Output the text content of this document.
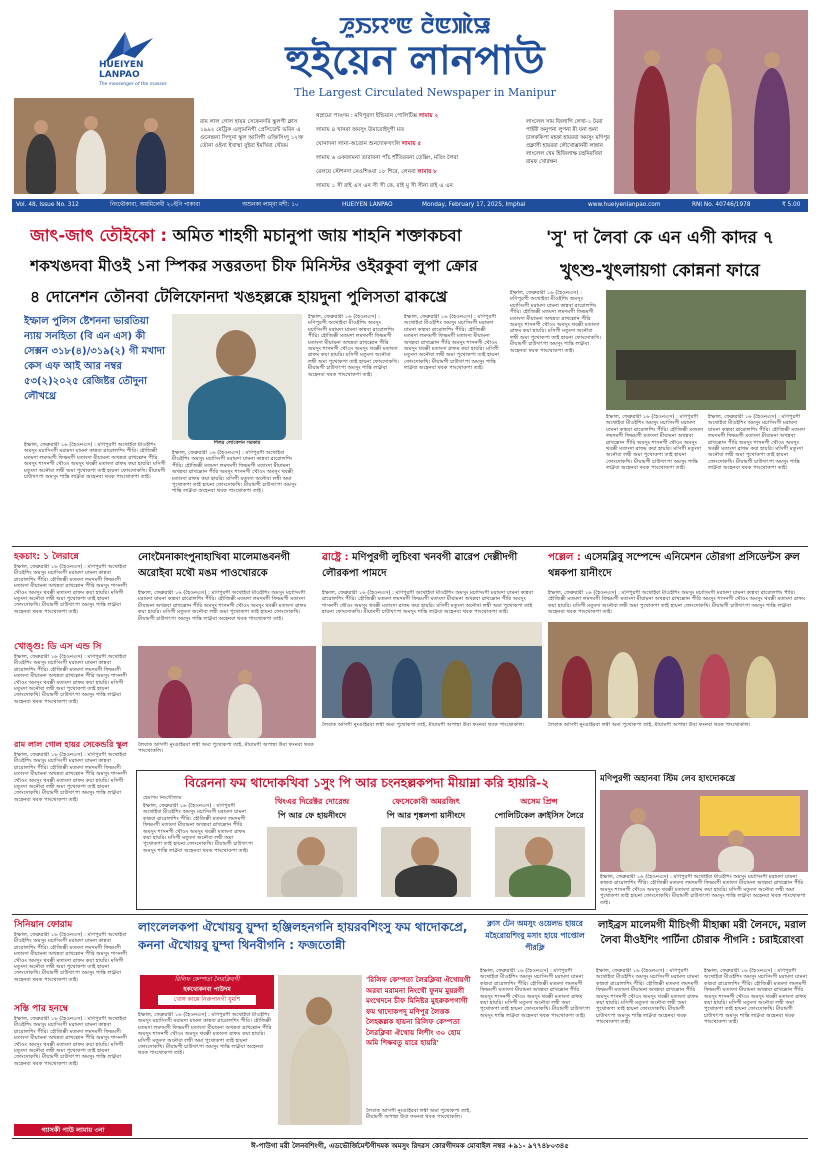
HUEIYEN LANPAO
The messenger of the masses
ꯍꯨꯏꯌꯦꯟ ꯂꯥꯟꯄꯥꯎ
হুইয়েন লানপাউ
The Largest Circulated Newspaper in Manipur
রাম লাল গোল হায়র সেকেনদরি স্কুলগী ক্লাস ১৯৯২ মেট্রিক এল্যুমনিগী প্রেসিডেন্ট ভরিন এ গুনেন্দ্রনা সিন্দুনা স্কুল আসিগী ওক্তিসিংদু ১২ক্ত তৌনা ওইনা ইখাষ্মা বুইরা ইমখিবা খৌরম
থস্নামো পাঙদম : মণিপুরদা ইন্ডিয়ান পোলিটিক্স লামায় ২
লামায় ৪ খানবা অমসুং উমারোইদুগী মত
ঘোনাদনা লানা-অতোন শুনদোকখৎলি লামায় ৫
লামায় ৬ একজামনা তারাবনা পাঁচ শাঁতিরবনা তেক্সিং, মতিং লৈবা
রেলয়ে স্টেশনদা নেওশিঙবা ১৮ শিরে, লেনবা লামায় ৮
লামায় ১ সী রাই এস এন সী সী কে, রাই মু সী সীনা রাই এ এন
লাংলেল সাম জিলাগি লেখা-১ মৈরা পাইবী অনুপনা লুপনা মী যনা শুনা চালককিপা মহকা হায়রবা অমসুং মণিপুর প্রক্লাসী হায়রবা লৌখোক্সানবী লান্নান লাংলেল খেম হিজিলাক্ষ চহুনিরখিবা রামফ খোরক্ষন
Vol. 48, Issue No. 312	নিংথৌকাবা, অয়মিলেবী ২০ইনি পাকাবা	অশুনকা লাম্‌বা মশী: ১০	HUEIYEN LANPAO	Monday, February 17, 2025, Imphal	www.hueiyenlanpao.com	RNI No. 40746/1978	₹ 5.00
জাৎ-জাৎ তৌইকো : অমিত শাহগী মচানুপা জায় শাহনি শক্তাকচবা
শকখঙদবা মীওই ১না স্পিকর সত্তরতদা চীফ মিনিস্টর ওইরকুবা লুপা ক্রোর
৪ দোনেশন তৌনবা টেলিফোনদা খঙহল্লক্কে হায়দুনা পুলিসতা ৱাকখ্রে
ইম্ফাল পুলিস ষ্টেশননা ভারতিয়া ন্যায় সনহিতা (বি এন এস) কী সেক্সন ৩১৮(৪)/৩১৯(২) গী মখাদা কেস এফ আই আর নম্বর ৫৩(২)২০২৫ রেজিষ্টর তৌদুনা লৌখথ্রে
ইম্ফাল, ফেব্রুৱারী ১৬ (হৈওনএস) : মণিপুরগী অথোইবা মীওইশিং অমসুং মচাসিংগী মরামদা য়ামনা কান্নবা ৱারোলশিং পীরি। হৌজিক্কী মতমদা লমদমগী ফিভমগী মতাংদা মীয়ামনা অখন্নবা ৱাখল্লোন পীরি অমসুং শাসনগী থৌওং অমসুং থবক্কী মতাংদা ৱাফম কয়া হায়রি। মসিগী মতুংদা অনৌবা লম্বী অমা পুথোকপা তাই হায়না ফোংদোকখি। মীয়ামগী চাউখৎপা অমসুং শান্তি লাক্নবা অহেনবা থবক পাংথোকপা তাই।
শিলর লোকেশন সরকার
ইম্ফাল, ফেব্রুৱারী ১৬ (হৈওনএস) : মণিপুরগী অথোইবা মীওইশিং অমসুং মচাসিংগী মরামদা য়ামনা কান্নবা ৱারোলশিং পীরি। হৌজিক্কী মতমদা লমদমগী ফিভমগী মতাংদা মীয়ামনা অখন্নবা ৱাখল্লোন পীরি অমসুং শাসনগী থৌওং অমসুং থবক্কী মতাংদা ৱাফম কয়া হায়রি। মসিগী মতুংদা অনৌবা লম্বী অমা পুথোকপা তাই হায়না ফোংদোকখি। মীয়ামগী চাউখৎপা অমসুং শান্তি লাক্নবা অহেনবা থবক পাংথোকপা তাই।
ইম্ফাল, ফেব্রুৱারী ১৬ (হৈওনএস) : মণিপুরগী অথোইবা মীওইশিং অমসুং মচাসিংগী মরামদা য়ামনা কান্নবা ৱারোলশিং পীরি। হৌজিক্কী মতমদা লমদমগী ফিভমগী মতাংদা মীয়ামনা অখন্নবা ৱাখল্লোন পীরি অমসুং শাসনগী থৌওং অমসুং থবক্কী মতাংদা ৱাফম কয়া হায়রি। মসিগী মতুংদা অনৌবা লম্বী অমা পুথোকপা তাই হায়না ফোংদোকখি। মীয়ামগী চাউখৎপা অমসুং শান্তি লাক্নবা অহেনবা থবক পাংথোকপা তাই।
ইম্ফাল, ফেব্রুৱারী ১৬ (হৈওনএস) : মণিপুরগী অথোইবা মীওইশিং অমসুং মচাসিংগী মরামদা য়ামনা কান্নবা ৱারোলশিং পীরি। হৌজিক্কী মতমদা লমদমগী ফিভমগী মতাংদা মীয়ামনা অখন্নবা ৱাখল্লোন পীরি অমসুং শাসনগী থৌওং অমসুং থবক্কী মতাংদা ৱাফম কয়া হায়রি। মসিগী মতুংদা অনৌবা লম্বী অমা পুথোকপা তাই হায়না ফোংদোকখি। মীয়ামগী চাউখৎপা অমসুং শান্তি লাক্নবা অহেনবা থবক পাংথোকপা তাই।
'সু' দা লৈবা কে এন এগী কাদর ৭
খুৎশু-খুৎলায়গা কোন্ননা ফারে
ইম্ফাল, ফেব্রুৱারী ১৬ (হৈওনএস) : মণিপুরগী অথোইবা মীওইশিং অমসুং মচাসিংগী মরামদা য়ামনা কান্নবা ৱারোলশিং পীরি। হৌজিক্কী মতমদা লমদমগী ফিভমগী মতাংদা মীয়ামনা অখন্নবা ৱাখল্লোন পীরি অমসুং শাসনগী থৌওং অমসুং থবক্কী মতাংদা ৱাফম কয়া হায়রি। মসিগী মতুংদা অনৌবা লম্বী অমা পুথোকপা তাই হায়না ফোংদোকখি। মীয়ামগী চাউখৎপা অমসুং শান্তি লাক্নবা অহেনবা থবক পাংথোকপা তাই।
ইম্ফাল, ফেব্রুৱারী ১৬ (হৈওনএস) : মণিপুরগী অথোইবা মীওইশিং অমসুং মচাসিংগী মরামদা য়ামনা কান্নবা ৱারোলশিং পীরি। হৌজিক্কী মতমদা লমদমগী ফিভমগী মতাংদা মীয়ামনা অখন্নবা ৱাখল্লোন পীরি অমসুং শাসনগী থৌওং অমসুং থবক্কী মতাংদা ৱাফম কয়া হায়রি। মসিগী মতুংদা অনৌবা লম্বী অমা পুথোকপা তাই হায়না ফোংদোকখি। মীয়ামগী চাউখৎপা অমসুং শান্তি লাক্নবা অহেনবা থবক পাংথোকপা তাই।
ইম্ফাল, ফেব্রুৱারী ১৬ (হৈওনএস) : মণিপুরগী অথোইবা মীওইশিং অমসুং মচাসিংগী মরামদা য়ামনা কান্নবা ৱারোলশিং পীরি। হৌজিক্কী মতমদা লমদমগী ফিভমগী মতাংদা মীয়ামনা অখন্নবা ৱাখল্লোন পীরি অমসুং শাসনগী থৌওং অমসুং থবক্কী মতাংদা ৱাফম কয়া হায়রি। মসিগী মতুংদা অনৌবা লম্বী অমা পুথোকপা তাই হায়না ফোংদোকখি। মীয়ামগী চাউখৎপা অমসুং শান্তি লাক্নবা অহেনবা থবক পাংথোকপা তাই।
হকচাং: ১ লৈরান্নে
ইম্ফাল, ফেব্রুৱারী ১৬ (হৈওনএস) : মণিপুরগী অথোইবা মীওইশিং অমসুং মচাসিংগী মরামদা য়ামনা কান্নবা ৱারোলশিং পীরি। হৌজিক্কী মতমদা লমদমগী ফিভমগী মতাংদা মীয়ামনা অখন্নবা ৱাখল্লোন পীরি অমসুং শাসনগী থৌওং অমসুং থবক্কী মতাংদা ৱাফম কয়া হায়রি। মসিগী মতুংদা অনৌবা লম্বী অমা পুথোকপা তাই হায়না ফোংদোকখি। মীয়ামগী চাউখৎপা অমসুং শান্তি লাক্নবা অহেনবা থবক পাংথোকপা তাই।
খোঙ্গু: ডি এস এন্ড সি
ইম্ফাল, ফেব্রুৱারী ১৬ (হৈওনএস) : মণিপুরগী অথোইবা মীওইশিং অমসুং মচাসিংগী মরামদা য়ামনা কান্নবা ৱারোলশিং পীরি। হৌজিক্কী মতমদা লমদমগী ফিভমগী মতাংদা মীয়ামনা অখন্নবা ৱাখল্লোন পীরি অমসুং শাসনগী থৌওং অমসুং থবক্কী মতাংদা ৱাফম কয়া হায়রি। মসিগী মতুংদা অনৌবা লম্বী অমা পুথোকপা তাই হায়না ফোংদোকখি। মীয়ামগী চাউখৎপা অমসুং শান্তি লাক্নবা অহেনবা থবক পাংথোকপা তাই।
রাম লাল গোল হায়র সেকেন্ডরি স্কুল
ইম্ফাল, ফেব্রুৱারী ১৬ (হৈওনএস) : মণিপুরগী অথোইবা মীওইশিং অমসুং মচাসিংগী মরামদা য়ামনা কান্নবা ৱারোলশিং পীরি। হৌজিক্কী মতমদা লমদমগী ফিভমগী মতাংদা মীয়ামনা অখন্নবা ৱাখল্লোন পীরি অমসুং শাসনগী থৌওং অমসুং থবক্কী মতাংদা ৱাফম কয়া হায়রি। মসিগী মতুংদা অনৌবা লম্বী অমা পুথোকপা তাই হায়না ফোংদোকখি। মীয়ামগী চাউখৎপা অমসুং শান্তি লাক্নবা অহেনবা থবক পাংথোকপা তাই।
নোংমৈনাকাংপুনাহাখিবা মালেমাঙবনগী অরোইবা মথৌ মঙম পাওখোরকে
ইম্ফাল, ফেব্রুৱারী ১৬ (হৈওনএস) : মণিপুরগী অথোইবা মীওইশিং অমসুং মচাসিংগী মরামদা য়ামনা কান্নবা ৱারোলশিং পীরি। হৌজিক্কী মতমদা লমদমগী ফিভমগী মতাংদা মীয়ামনা অখন্নবা ৱাখল্লোন পীরি অমসুং শাসনগী থৌওং অমসুং থবক্কী মতাংদা ৱাফম কয়া হায়রি। মসিগী মতুংদা অনৌবা লম্বী অমা পুথোকপা তাই হায়না ফোংদোকখি। মীয়ামগী চাউখৎপা অমসুং শান্তি লাক্নবা অহেনবা থবক পাংথোকপা তাই।
লৈবাক অসিগী নুংঙাইরবা লম্বী অমা পুথোকপা তাই, মীয়ামগী অপাম্বা উবা ফংনবা থবক পাংথোকলি।
ৱাষ্ট্রে : মণিপুরগী লুচিংবা খনবগী ৱারেপ দেল্লীদগী লৌরকপা পামদে
ইম্ফাল, ফেব্রুৱারী ১৬ (হৈওনএস) : মণিপুরগী অথোইবা মীওইশিং অমসুং মচাসিংগী মরামদা য়ামনা কান্নবা ৱারোলশিং পীরি। হৌজিক্কী মতমদা লমদমগী ফিভমগী মতাংদা মীয়ামনা অখন্নবা ৱাখল্লোন পীরি অমসুং শাসনগী থৌওং অমসুং থবক্কী মতাংদা ৱাফম কয়া হায়রি। মসিগী মতুংদা অনৌবা লম্বী অমা পুথোকপা তাই হায়না ফোংদোকখি। মীয়ামগী চাউখৎপা অমসুং শান্তি লাক্নবা অহেনবা থবক পাংথোকপা তাই।
লৈবাক অসিগী নুংঙাইরবা লম্বী অমা পুথোকপা তাই, মীয়ামগী অপাম্বা উবা ফংনবা থবক পাংথোকলি।
পল্লেল : এসেমব্লিবু সম্পেন্দে এনিমেশন তৌরগা প্রসিডেন্টস রুল থন্নকপা য়ানীংদে
ইম্ফাল, ফেব্রুৱারী ১৬ (হৈওনএস) : মণিপুরগী অথোইবা মীওইশিং অমসুং মচাসিংগী মরামদা য়ামনা কান্নবা ৱারোলশিং পীরি। হৌজিক্কী মতমদা লমদমগী ফিভমগী মতাংদা মীয়ামনা অখন্নবা ৱাখল্লোন পীরি অমসুং শাসনগী থৌওং অমসুং থবক্কী মতাংদা ৱাফম কয়া হায়রি। মসিগী মতুংদা অনৌবা লম্বী অমা পুথোকপা তাই হায়না ফোংদোকখি। মীয়ামগী চাউখৎপা অমসুং শান্তি লাক্নবা অহেনবা থবক পাংথোকপা তাই।
লৈবাক অসিগী নুংঙাইরবা লম্বী অমা পুথোকপা তাই, মীয়ামগী অপাম্বা উবা ফংনবা থবক পাংথোকলি।
বিরেননা ফম থাদোকখিবা ১সুং পি আর চংনহল্লকপদা মীয়াম্না করি হায়রি-২
হেমাগম নিংথৌজাম
ইম্ফাল, ফেব্রুৱারী ১৬ (হৈওনএস) : মণিপুরগী অথোইবা মীওইশিং অমসুং মচাসিংগী মরামদা য়ামনা কান্নবা ৱারোলশিং পীরি। হৌজিক্কী মতমদা লমদমগী ফিভমগী মতাংদা মীয়ামনা অখন্নবা ৱাখল্লোন পীরি অমসুং শাসনগী থৌওং অমসুং থবক্কী মতাংদা ৱাফম কয়া হায়রি। মসিগী মতুংদা অনৌবা লম্বী অমা পুথোকপা তাই হায়না ফোংদোকখি। মীয়ামগী চাউখৎপা অমসুং শান্তি লাক্নবা অহেনবা থবক পাংথোকপা তাই।
থিংএর দিরেক্টর দোরেন্দ্র
পি আর ফে হায়নীংদে
ফেসেকোবী অমরজিৎ
পি আর শৃঙ্কলপা য়ানীংদে
অসেম প্রিন্স
পোলিটিকেল ক্রাইসিস লৈরে
মণিপুরগী অহানবা স্টিম লেব হাংদোকখ্রে
ইম্ফাল, ফেব্রুৱারী ১৬ (হৈওনএস) : মণিপুরগী অথোইবা মীওইশিং অমসুং মচাসিংগী মরামদা য়ামনা কান্নবা ৱারোলশিং পীরি। হৌজিক্কী মতমদা লমদমগী ফিভমগী মতাংদা মীয়ামনা অখন্নবা ৱাখল্লোন পীরি অমসুং শাসনগী থৌওং অমসুং থবক্কী মতাংদা ৱাফম কয়া হায়রি। মসিগী মতুংদা অনৌবা লম্বী অমা পুথোকপা তাই হায়না ফোংদোকখি। মীয়ামগী চাউখৎপা অমসুং শান্তি লাক্নবা অহেনবা থবক পাংথোকপা তাই।
সিনিয়ান ফোরাম
ইম্ফাল, ফেব্রুৱারী ১৬ (হৈওনএস) : মণিপুরগী অথোইবা মীওইশিং অমসুং মচাসিংগী মরামদা য়ামনা কান্নবা ৱারোলশিং পীরি। হৌজিক্কী মতমদা লমদমগী ফিভমগী মতাংদা মীয়ামনা অখন্নবা ৱাখল্লোন পীরি অমসুং শাসনগী থৌওং অমসুং থবক্কী মতাংদা ৱাফম কয়া হায়রি। মসিগী মতুংদা অনৌবা লম্বী অমা পুথোকপা তাই হায়না ফোংদোকখি। মীয়ামগী চাউখৎপা অমসুং শান্তি লাক্নবা অহেনবা থবক পাংথোকপা তাই।
সস্তি পার হনম্বে
ইম্ফাল, ফেব্রুৱারী ১৬ (হৈওনএস) : মণিপুরগী অথোইবা মীওইশিং অমসুং মচাসিংগী মরামদা য়ামনা কান্নবা ৱারোলশিং পীরি। হৌজিক্কী মতমদা লমদমগী ফিভমগী মতাংদা মীয়ামনা অখন্নবা ৱাখল্লোন পীরি অমসুং শাসনগী থৌওং অমসুং থবক্কী মতাংদা ৱাফম কয়া হায়রি। মসিগী মতুংদা অনৌবা লম্বী অমা পুথোকপা তাই হায়না ফোংদোকখি। মীয়ামগী চাউখৎপা অমসুং শান্তি লাক্নবা অহেনবা থবক পাংথোকপা তাই।
গ্যাসকী পাউ লামায় ৩না
লাংলেলকপা ঐখোয়বু য়ুম্দা হঞ্জিলহনগনি হায়রবশিংসু ফম থাদোকপ্রে, কননা ঐখোয়বু য়ুম্দা থিনবীগনি : ফজতোন্নী
রিলিফ কেম্পতা লৈরক্লিবগী
হকথোকনবা পাউদম
খোঙ্গ কান্নে নিরুপানগী য়ুমশি
ইম্ফাল, ফেব্রুৱারী ১৬ (হৈওনএস) : মণিপুরগী অথোইবা মীওইশিং অমসুং মচাসিংগী মরামদা য়ামনা কান্নবা ৱারোলশিং পীরি। হৌজিক্কী মতমদা লমদমগী ফিভমগী মতাংদা মীয়ামনা অখন্নবা ৱাখল্লোন পীরি অমসুং শাসনগী থৌওং অমসুং থবক্কী মতাংদা ৱাফম কয়া হায়রি। মসিগী মতুংদা অনৌবা লম্বী অমা পুথোকপা তাই হায়না ফোংদোকখি। মীয়ামগী চাউখৎপা অমসুং শান্তি লাক্নবা অহেনবা থবক পাংথোকপা তাই।
'রিলিফ কেম্পতা লৈরক্লিবা ঐখোয়গী অরবা মরামনা নিংথৌ ফুনম মুয়রগী মংথেদনে চীফ মিনিষ্টর মুহরুকপগাগী ফম থাদোকপদু মণিপুর লৈত্তক লৈহক্কল্লক হায়না রিলিফ কেম্পতা লৈরক্লিবা ঐখোয় লিশীং ৩০ হোম অমি শিক্ষবতু য়ারে হায়রি'
লৈবাক অসিগী নুংঙাইরবা লম্বী অমা পুথোকপা তাই, মীয়ামগী অপাম্বা উবা ফংনবা থবক পাংথোকলি।
ক্লাস টেন অমসুং ওয়েলভ হায়রে মহৈরোয়শিংবু মসাং হায়ে পাপ্তোল পীরক্লি
ইম্ফাল, ফেব্রুৱারী ১৬ (হৈওনএস) : মণিপুরগী অথোইবা মীওইশিং অমসুং মচাসিংগী মরামদা য়ামনা কান্নবা ৱারোলশিং পীরি। হৌজিক্কী মতমদা লমদমগী ফিভমগী মতাংদা মীয়ামনা অখন্নবা ৱাখল্লোন পীরি অমসুং শাসনগী থৌওং অমসুং থবক্কী মতাংদা ৱাফম কয়া হায়রি। মসিগী মতুংদা অনৌবা লম্বী অমা পুথোকপা তাই হায়না ফোংদোকখি। মীয়ামগী চাউখৎপা অমসুং শান্তি লাক্নবা অহেনবা থবক পাংথোকপা তাই।
লাইব্রস মালেমগী মীচিংগী মীহাক্কা মরী লৈনদে, মরাল লৈবা মীওইশিং পার্টিনা চৌরাক পীগনি : চরাইরোংবা
ইম্ফাল, ফেব্রুৱারী ১৬ (হৈওনএস) : মণিপুরগী অথোইবা মীওইশিং অমসুং মচাসিংগী মরামদা য়ামনা কান্নবা ৱারোলশিং পীরি। হৌজিক্কী মতমদা লমদমগী ফিভমগী মতাংদা মীয়ামনা অখন্নবা ৱাখল্লোন পীরি অমসুং শাসনগী থৌওং অমসুং থবক্কী মতাংদা ৱাফম কয়া হায়রি। মসিগী মতুংদা অনৌবা লম্বী অমা পুথোকপা তাই হায়না ফোংদোকখি। মীয়ামগী চাউখৎপা অমসুং শান্তি লাক্নবা অহেনবা থবক পাংথোকপা তাই।
ইম্ফাল, ফেব্রুৱারী ১৬ (হৈওনএস) : মণিপুরগী অথোইবা মীওইশিং অমসুং মচাসিংগী মরামদা য়ামনা কান্নবা ৱারোলশিং পীরি। হৌজিক্কী মতমদা লমদমগী ফিভমগী মতাংদা মীয়ামনা অখন্নবা ৱাখল্লোন পীরি অমসুং শাসনগী থৌওং অমসুং থবক্কী মতাংদা ৱাফম কয়া হায়রি। মসিগী মতুংদা অনৌবা লম্বী অমা পুথোকপা তাই হায়না ফোংদোকখি। মীয়ামগী চাউখৎপা অমসুং শান্তি লাক্নবা অহেনবা থবক পাংথোকপা তাই।
ঈ-পাউগা মরী লৈনবশিংগী, এডভৌর্জিমেন্টগীদমক অমসুং রিদরস কোরগীদমক মোবাইল নম্বর +৯১- ৯৭৭৪৮০৩৪৫
